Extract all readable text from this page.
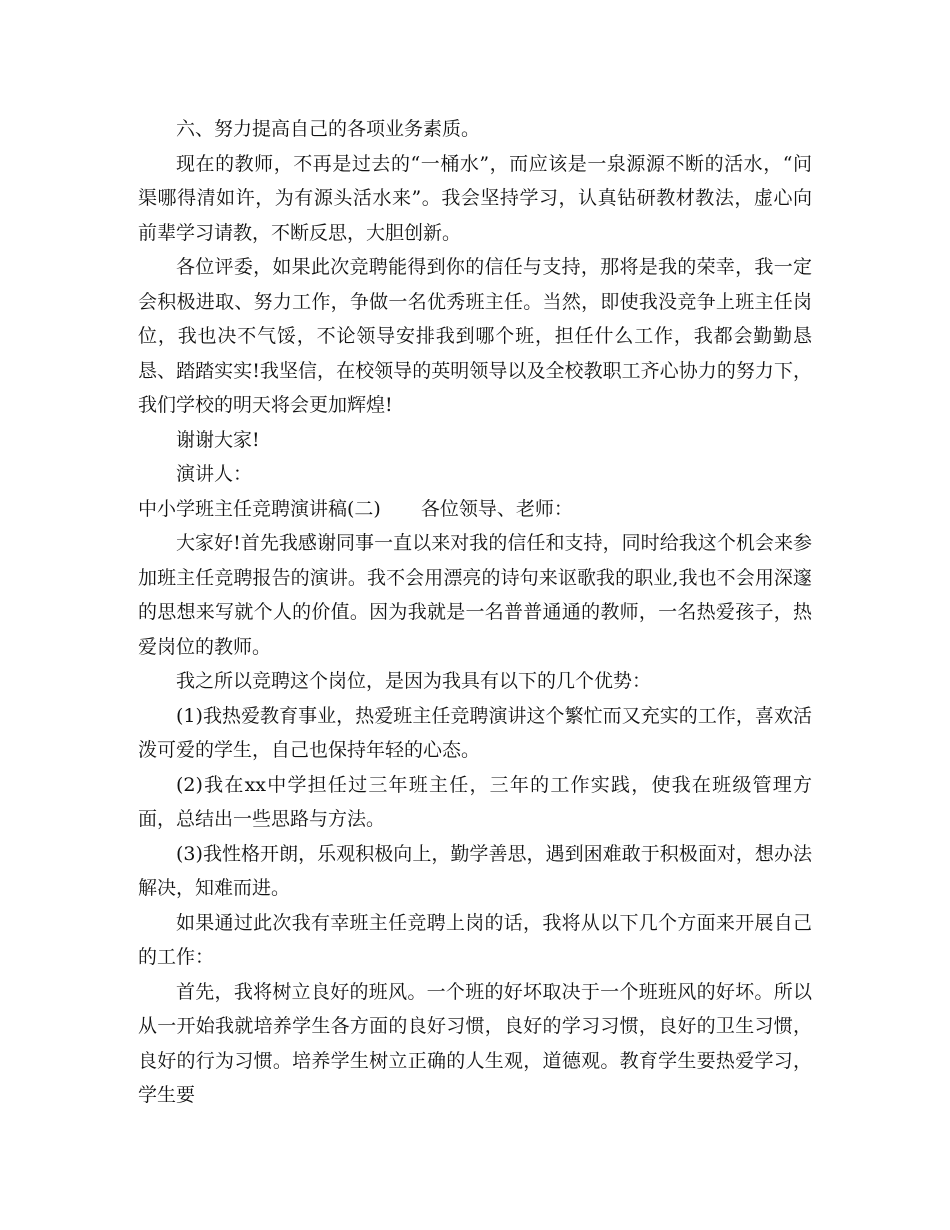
六、努力提高自己的各项业务素质。

现在的教师，不再是过去的“一桶水”，而应该是一泉源源不断的活水，“问渠哪得清如许，为有源头活水来”。我会坚持学习，认真钻研教材教法，虚心向前辈学习请教，不断反思，大胆创新。

各位评委，如果此次竞聘能得到你的信任与支持，那将是我的荣幸，我一定会积极进取、努力工作，争做一名优秀班主任。当然，即使我没竞争上班主任岗位，我也决不气馁，不论领导安排我到哪个班，担任什么工作，我都会勤勤恳恳、踏踏实实!我坚信，在校领导的英明领导以及全校教职工齐心协力的努力下，我们学校的明天将会更加辉煌!

谢谢大家!

演讲人：

中小学班主任竞聘演讲稿(二) 各位领导、老师：

大家好!首先我感谢同事一直以来对我的信任和支持，同时给我这个机会来参加班主任竞聘报告的演讲。我不会用漂亮的诗句来讴歌我的职业,我也不会用深邃的思想来写就个人的价值。因为我就是一名普普通通的教师，一名热爱孩子，热爱岗位的教师。

我之所以竞聘这个岗位，是因为我具有以下的几个优势：

(1)我热爱教育事业，热爱班主任竞聘演讲这个繁忙而又充实的工作，喜欢活泼可爱的学生，自己也保持年轻的心态。

(2)我在xx中学担任过三年班主任，三年的工作实践，使我在班级管理方面，总结出一些思路与方法。

(3)我性格开朗，乐观积极向上，勤学善思，遇到困难敢于积极面对，想办法解决，知难而进。

如果通过此次我有幸班主任竞聘上岗的话，我将从以下几个方面来开展自己的工作：

首先，我将树立良好的班风。一个班的好坏取决于一个班班风的好坏。所以从一开始我就培养学生各方面的良好习惯，良好的学习习惯，良好的卫生习惯，良好的行为习惯。培养学生树立正确的人生观，道德观。教育学生要热爱学习，学生要
